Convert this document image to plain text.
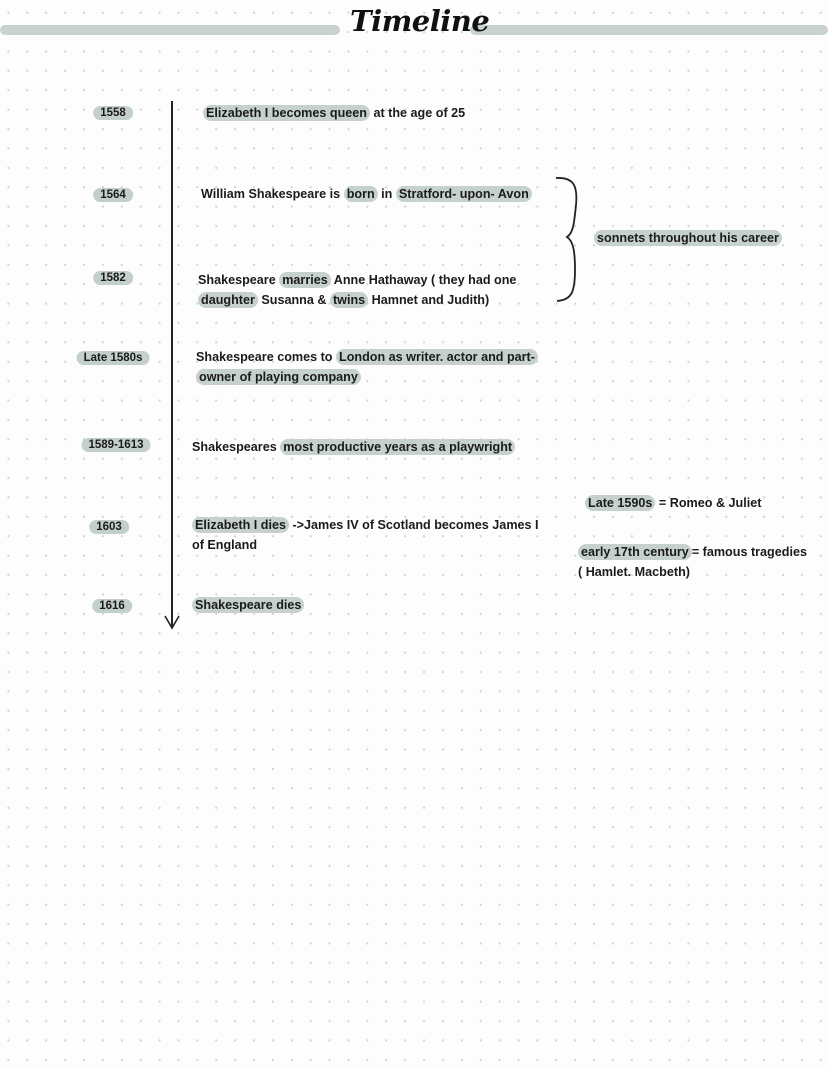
Timeline
1558	Elizabeth I becomes queen at the age of 25
1564	William Shakespeare is born in Stratford- upon- Avon
1582	Shakespeare marries Anne Hathaway ( they had one
daughter Susanna & twins Hamnet and Judith)
Late 1580s	Shakespeare comes to London as writer. actor and part-
owner of playing company
1589-1613	Shakespeares most productive years as a playwright
1603	Elizabeth I dies ->James IV of Scotland becomes James I
of England
1616	Shakespeare dies
sonnets throughout his career
Late 1590s = Romeo & Juliet
early 17th century = famous tragedies
( Hamlet. Macbeth)
